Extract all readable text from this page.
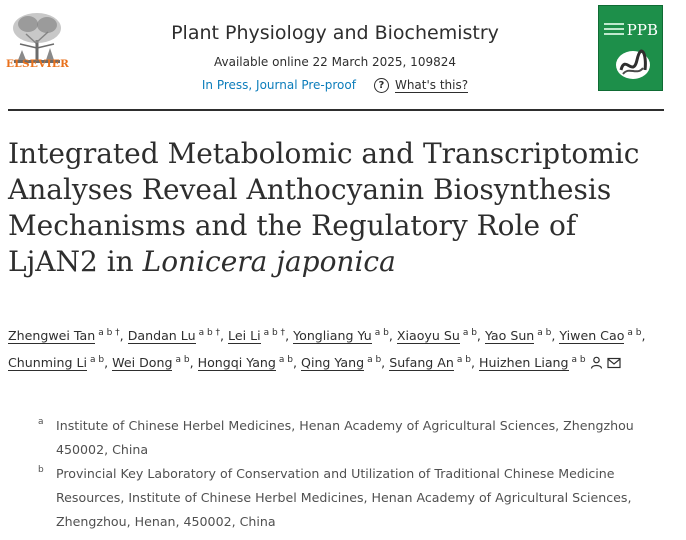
ELSEVIER
Plant Physiology and Biochemistry
Available online 22 March 2025, 109824
In Press, Journal Pre-proof	? What's this?
PPB
Integrated Metabolomic and Transcriptomic Analyses Reveal Anthocyanin Biosynthesis Mechanisms and the Regulatory Role of LjAN2 in Lonicera japonica
Zhengwei Tan $^{a b \dagger}$, Dandan Lu $^{a b \dagger}$, Lei Li $^{a b \dagger}$, Yongliang Yu $^{a b}$, Xiaoyu Su $^{a b}$, Yao Sun $^{a b}$, Yiwen Cao $^{a b}$, Chunming Li $^{a b}$, Wei Dong $^{a b}$, Hongqi Yang $^{a b}$, Qing Yang $^{a b}$, Sufang An $^{a b}$, Huizhen Liang $^{a b}$
a Institute of Chinese Herbel Medicines, Henan Academy of Agricultural Sciences, Zhengzhou 450002, China
b Provincial Key Laboratory of Conservation and Utilization of Traditional Chinese Medicine Resources, Institute of Chinese Herbel Medicines, Henan Academy of Agricultural Sciences, Zhengzhou, Henan, 450002, China
